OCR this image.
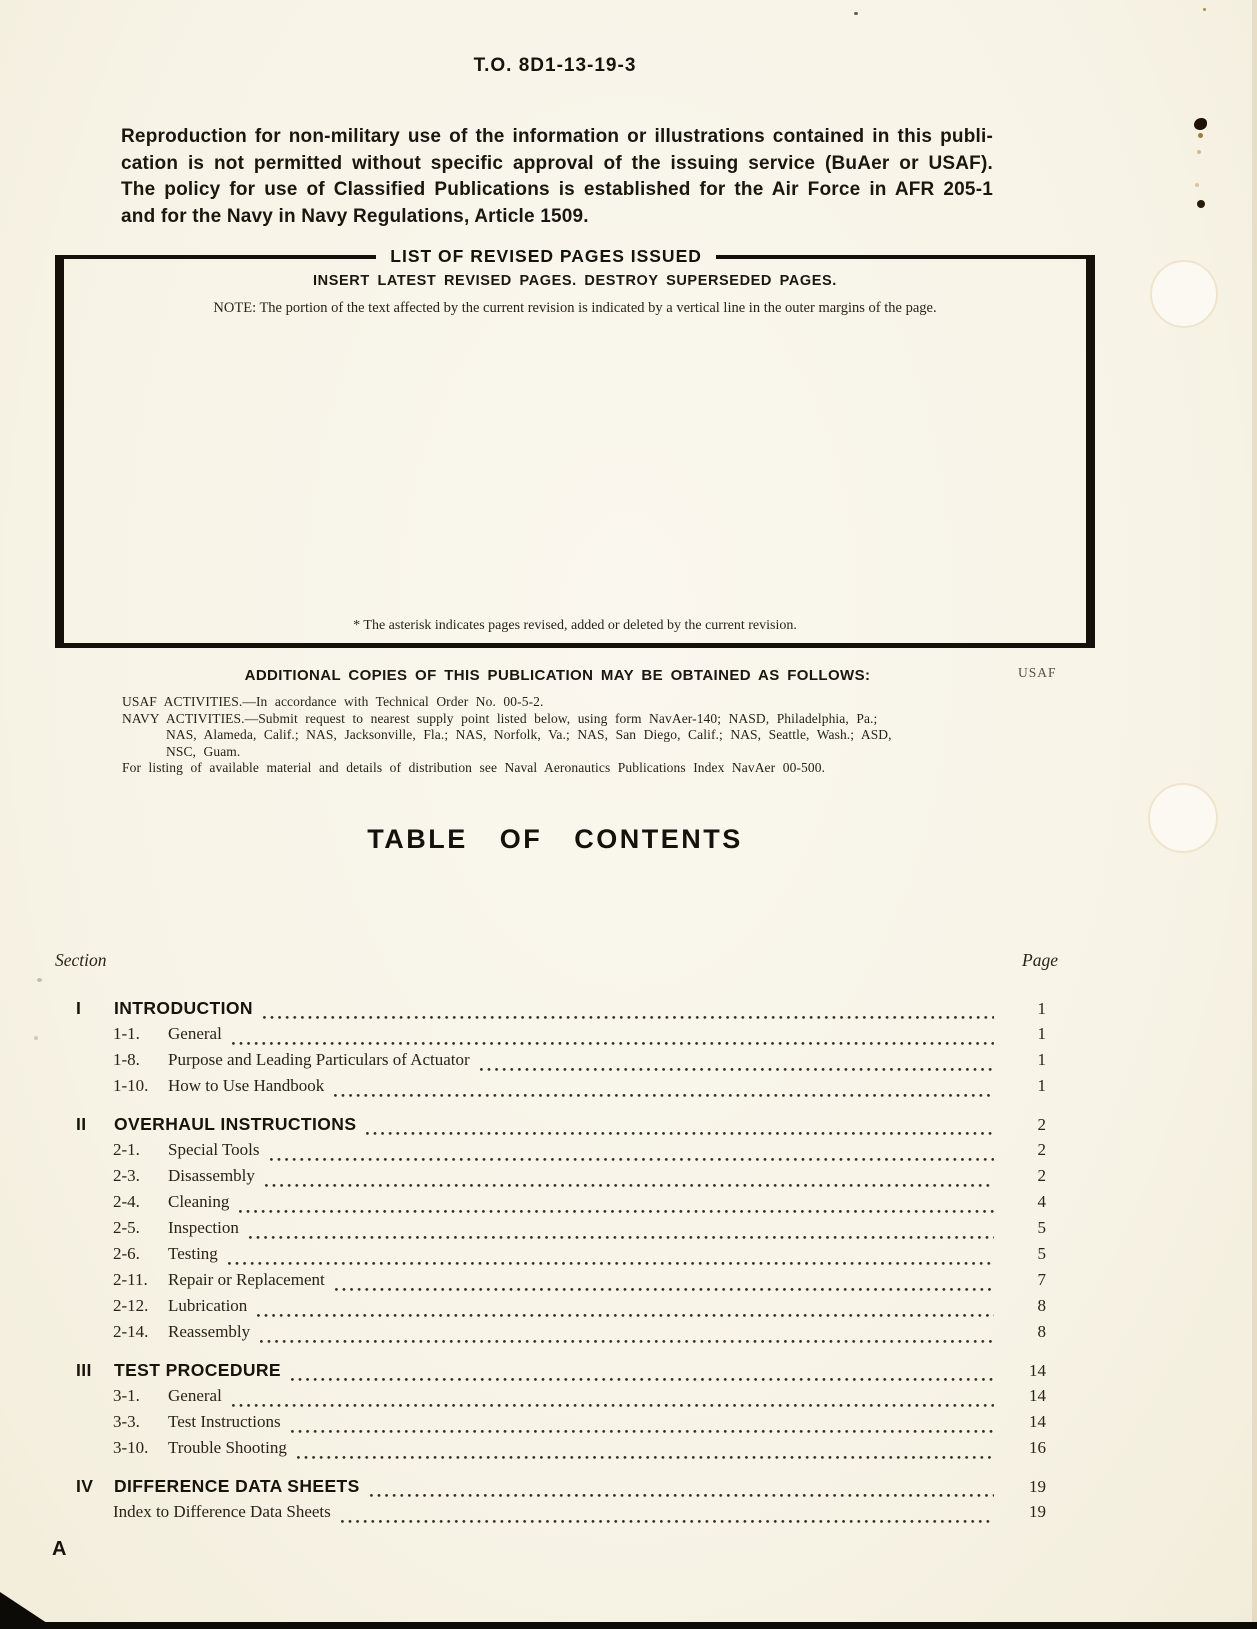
T.O. 8D1-13-19-3
Reproduction for non-military use of the information or illustrations contained in this publi-
cation is not permitted without specific approval of the issuing service (BuAer or USAF).
The policy for use of Classified Publications is established for the Air Force in AFR 205-1
and for the Navy in Navy Regulations, Article 1509.
LIST OF REVISED PAGES ISSUED
INSERT LATEST REVISED PAGES. DESTROY SUPERSEDED PAGES.
NOTE: The portion of the text affected by the current revision is indicated by a vertical line in the outer margins of the page.
* The asterisk indicates pages revised, added or deleted by the current revision.
ADDITIONAL COPIES OF THIS PUBLICATION MAY BE OBTAINED AS FOLLOWS:	USAF
USAF ACTIVITIES.—In accordance with Technical Order No. 00-5-2.
NAVY ACTIVITIES.—Submit request to nearest supply point listed below, using form NavAer-140; NASD, Philadelphia, Pa.;
NAS, Alameda, Calif.; NAS, Jacksonville, Fla.; NAS, Norfolk, Va.; NAS, San Diego, Calif.; NAS, Seattle, Wash.; ASD,
NSC, Guam.
For listing of available material and details of distribution see Naval Aeronautics Publications Index NavAer 00-500.
TABLE OF CONTENTS
Section	Page
I	INTRODUCTION	1
1-1.	General	1
1-8.	Purpose and Leading Particulars of Actuator	1
1-10.	How to Use Handbook	1
II	OVERHAUL INSTRUCTIONS	2
2-1.	Special Tools	2
2-3.	Disassembly	2
2-4.	Cleaning	4
2-5.	Inspection	5
2-6.	Testing	5
2-11.	Repair or Replacement	7
2-12.	Lubrication	8
2-14.	Reassembly	8
III	TEST PROCEDURE	14
3-1.	General	14
3-3.	Test Instructions	14
3-10.	Trouble Shooting	16
IV	DIFFERENCE DATA SHEETS	19
Index to Difference Data Sheets	19
A
